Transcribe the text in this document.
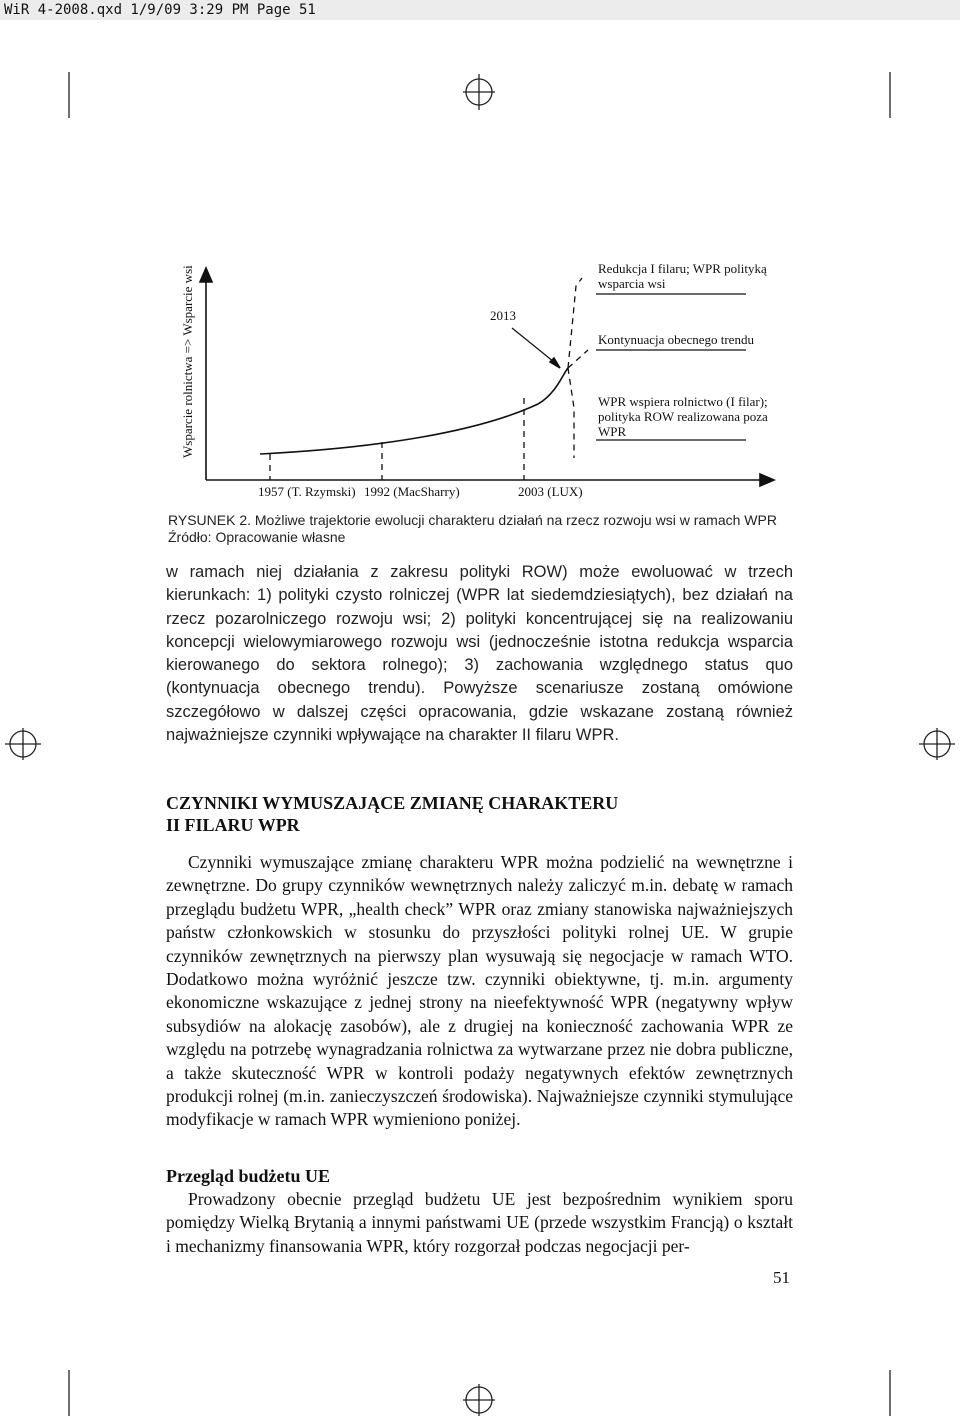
WiR 4-2008.qxd 1/9/09 3:29 PM Page 51
Wsparcie rolnictwa => Wsparcie wsi	2013
Redukcja I filaru; WPR polityką
wsparcia wsi
Kontynuacja obecnego trendu
WPR wspiera rolnictwo (I filar);
polityka ROW realizowana poza
WPR
1957 (T. Rzymski) 1992 (MacSharry)	2003 (LUX)
RYSUNEK 2. Możliwe trajektorie ewolucji charakteru działań na rzecz rozwoju wsi w ramach WPR
Źródło: Opracowanie własne
w ramach niej działania z zakresu polityki ROW) może ewoluować w trzech kierunkach: 1) polityki czysto rolniczej (WPR lat siedemdziesiątych), bez działań na rzecz pozarolniczego rozwoju wsi; 2) polityki koncentrującej się na realizowaniu koncepcji wielowymiarowego rozwoju wsi (jednocześnie istotna redukcja wsparcia kierowanego do sektora rolnego); 3) zachowania względnego status quo (kontynuacja obecnego trendu). Powyższe scenariusze zostaną omówione szczegółowo w dalszej części opracowania, gdzie wskazane zostaną również najważniejsze czynniki wpływające na charakter II filaru WPR.
CZYNNIKI WYMUSZAJĄCE ZMIANĘ CHARAKTERU
II FILARU WPR
Czynniki wymuszające zmianę charakteru WPR można podzielić na wewnętrzne i zewnętrzne. Do grupy czynników wewnętrznych należy zaliczyć m.in. debatę w ramach przeglądu budżetu WPR, „health check” WPR oraz zmiany stanowiska najważniejszych państw członkowskich w stosunku do przyszłości polityki rolnej UE. W grupie czynników zewnętrznych na pierwszy plan wysuwają się negocjacje w ramach WTO. Dodatkowo można wyróżnić jeszcze tzw. czynniki obiektywne, tj. m.in. argumenty ekonomiczne wskazujące z jednej strony na nieefektywność WPR (negatywny wpływ subsydiów na alokację zasobów), ale z drugiej na konieczność zachowania WPR ze względu na potrzebę wynagradzania rolnictwa za wytwarzane przez nie dobra publiczne, a także skuteczność WPR w kontroli podaży negatywnych efektów zewnętrznych produkcji rolnej (m.in. zanieczyszczeń środowiska). Najważniejsze czynniki stymulujące modyfikacje w ramach WPR wymieniono poniżej.
Przegląd budżetu UE
Prowadzony obecnie przegląd budżetu UE jest bezpośrednim wynikiem sporu pomiędzy Wielką Brytanią a innymi państwami UE (przede wszystkim Francją) o kształt i mechanizmy finansowania WPR, który rozgorzał podczas negocjacji per-
51
